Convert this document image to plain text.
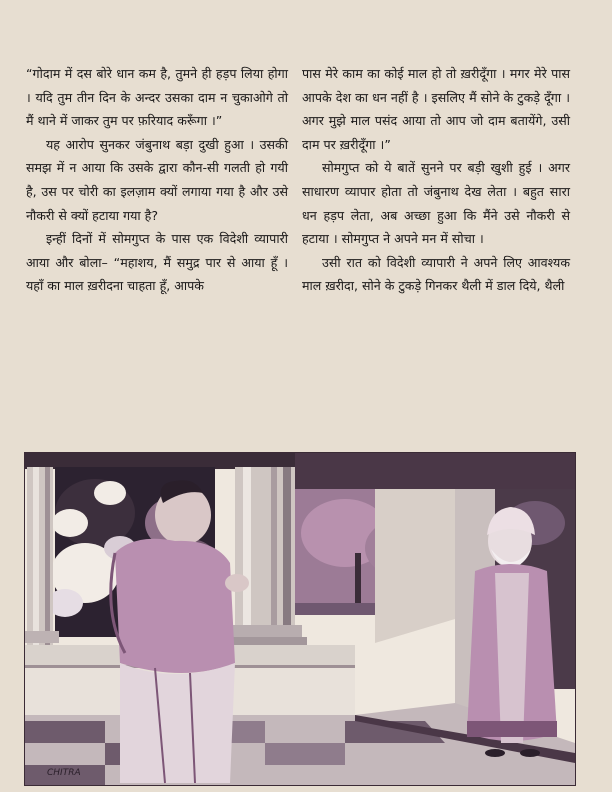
“गोदाम में दस बोरे धान कम है, तुमने ही हड़प लिया होगा । यदि तुम तीन दिन के अन्दर उसका दाम न चुकाओगे तो मैं थाने में जाकर तुम पर फ़रियाद करूँगा ।”

यह आरोप सुनकर जंबुनाथ बड़ा दुखी हुआ । उसकी समझ में न आया कि उसके द्वारा कौन-सी गलती हो गयी है, उस पर चोरी का इलज़ाम क्यों लगाया गया है और उसे नौकरी से क्यों हटाया गया है?

इन्हीं दिनों में सोमगुप्त के पास एक विदेशी व्यापारी आया और बोला– “महाशय, मैं समुद्र पार से आया हूँ । यहाँ का माल ख़रीदना चाहता हूँ, आपके

पास मेरे काम का कोई माल हो तो ख़रीदूँगा । मगर मेरे पास आपके देश का धन नहीं है । इसलिए मैं सोने के टुकड़े दूँगा । अगर मुझे माल पसंद आया तो आप जो दाम बतायेंगे, उसी दाम पर ख़रीदूँगा ।”

सोमगुप्त को ये बातें सुनने पर बड़ी खुशी हुई । अगर साधारण व्यापार होता तो जंबुनाथ देख लेता । बहुत सारा धन हड़प लेता, अब अच्छा हुआ कि मैंने उसे नौकरी से हटाया । सोमगुप्त ने अपने मन में सोचा ।

उसी रात को विदेशी व्यापारी ने अपने लिए आवश्यक माल ख़रीदा, सोने के टुकड़े गिनकर थैली में डाल दिये, थैली

CHITRA
